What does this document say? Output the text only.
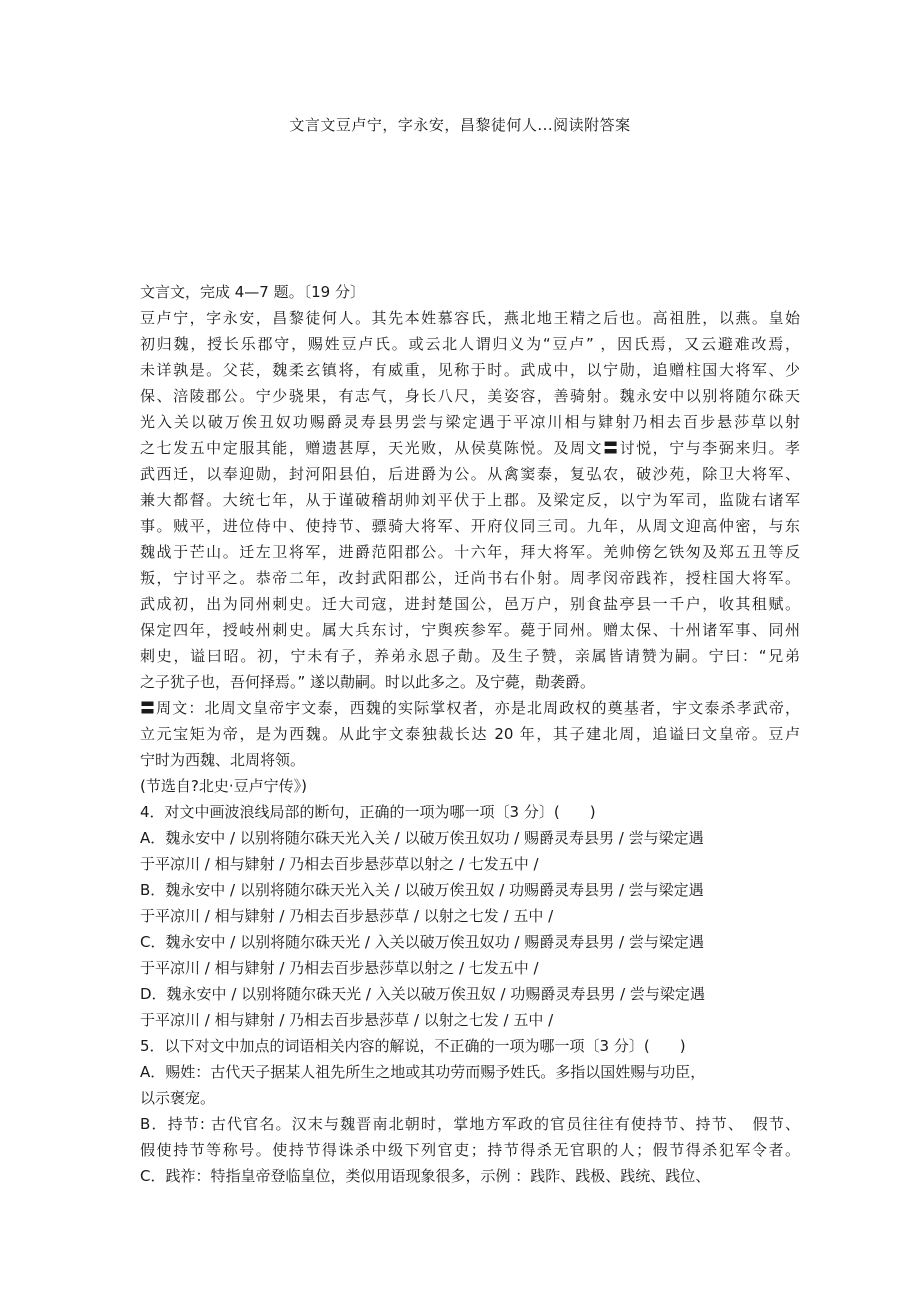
文言文豆卢宁，字永安，昌黎徒何人...阅读附答案
文言文，完成 4—7 题。〔19 分〕
豆卢宁，字永安，昌黎徒何人。其先本姓慕容氏，燕北地王精之后也。高祖胜，以燕。皇始
初归魏，授长乐郡守，赐姓豆卢氏。或云北人谓归义为“豆卢” ，因氏焉，又云避难改焉，
未详孰是。父苌，魏柔玄镇将，有威重，见称于时。武成中，以宁勋，追赠柱国大将军、少
保、涪陵郡公。宁少骁果，有志气，身长八尺，美姿容，善骑射。魏永安中以别将随尔硃天
光入关以破万俟丑奴功赐爵灵寿县男尝与梁定遇于平凉川相与肄射乃相去百步悬莎草以射
之七发五中定服其能，赠遗甚厚，天光败，从侯莫陈悦。及周文〓讨悦，宁与李弼来归。孝
武西迁，以奉迎勋，封河阳县伯，后进爵为公。从禽窦泰，复弘农，破沙苑，除卫大将军、
兼大都督。大统七年，从于谨破稽胡帅刘平伏于上郡。及梁定反，以宁为军司，监陇右诸军
事。贼平，进位侍中、使持节、骠骑大将军、开府仪同三司。九年，从周文迎高仲密，与东
魏战于芒山。迁左卫将军，进爵范阳郡公。十六年，拜大将军。羌帅傍乞铁匆及郑五丑等反
叛，宁讨平之。恭帝二年，改封武阳郡公，迁尚书右仆射。周孝闵帝践祚，授柱国大将军。
武成初，出为同州刺史。迁大司寇，进封楚国公，邑万户，别食盐亭县一千户，收其租赋。
保定四年，授岐州刺史。属大兵东讨，宁舆疾参军。薨于同州。赠太保、十州诸军事、同州
刺史，谥曰昭。初，宁未有子，养弟永恩子勣。及生子赞，亲属皆请赞为嗣。宁曰：“兄弟
之子犹子也，吾何择焉。” 遂以勣嗣。时以此多之。及宁薨，勣袭爵。
〓周文：北周文皇帝宇文泰，西魏的实际掌权者，亦是北周政权的奠基者，宇文泰杀孝武帝，
立元宝矩为帝，是为西魏。从此宇文泰独裁长达 20 年，其子建北周，追谥曰文皇帝。豆卢
宁时为西魏、北周将领。
(节选自?北史·豆卢宁传》)
4．对文中画波浪线局部的断句，正确的一项为哪一项〔3 分〕(　　)
A．魏永安中 / 以别将随尔硃天光入关 / 以破万俟丑奴功 / 赐爵灵寿县男 / 尝与梁定遇
于平凉川 / 相与肄射 / 乃相去百步悬莎草以射之 / 七发五中 /
B．魏永安中 / 以别将随尔硃天光入关 / 以破万俟丑奴 / 功赐爵灵寿县男 / 尝与梁定遇
于平凉川 / 相与肄射 / 乃相去百步悬莎草 / 以射之七发 / 五中 /
C．魏永安中 / 以别将随尔硃天光 / 入关以破万俟丑奴功 / 赐爵灵寿县男 / 尝与梁定遇
于平凉川 / 相与肄射 / 乃相去百步悬莎草以射之 / 七发五中 /
D．魏永安中 / 以别将随尔硃天光 / 入关以破万俟丑奴 / 功赐爵灵寿县男 / 尝与梁定遇
于平凉川 / 相与肄射 / 乃相去百步悬莎草 / 以射之七发 / 五中 /
5．以下对文中加点的词语相关内容的解说，不正确的一项为哪一项〔3 分〕(　　)
A．赐姓：古代天子据某人祖先所生之地或其功劳而赐予姓氏。多指以国姓赐与功臣，
以示褒宠。
B．持节: 古代官名。汉末与魏晋南北朝时，掌地方军政的官员往往有使持节、持节、　假节、
假使持节等称号。使持节得诛杀中级下列官吏；持节得杀无官职的人；假节得杀犯军令者。
C．践祚：特指皇帝登临皇位，类似用语现象很多，示例 ：践阼、践极、践统、践位、
